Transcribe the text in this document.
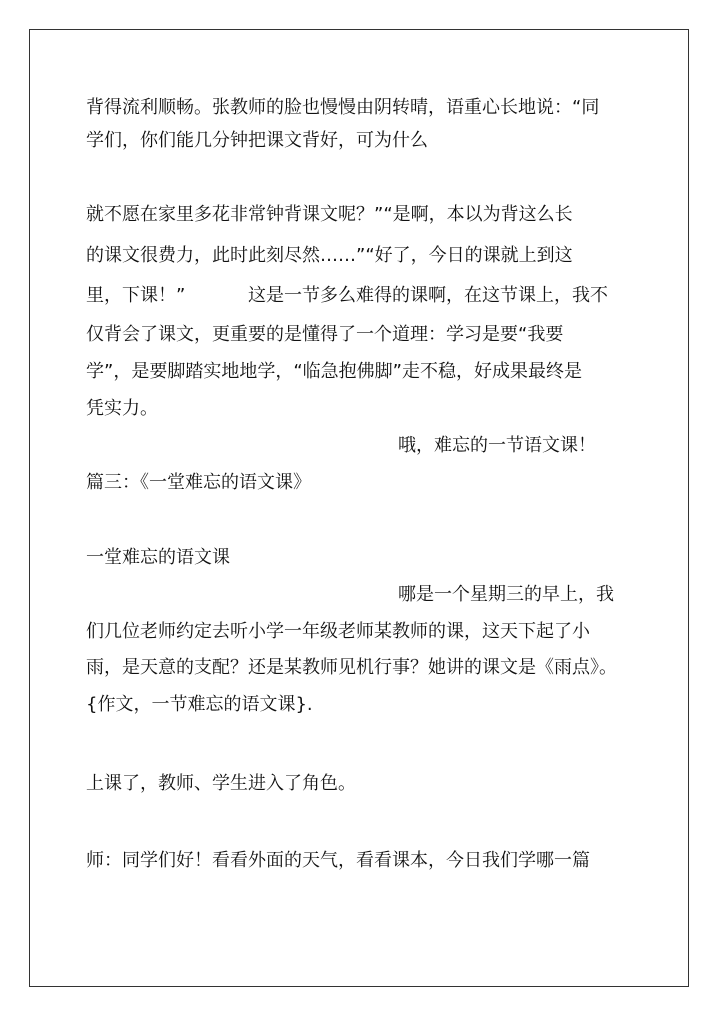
背得流利顺畅。张教师的脸也慢慢由阴转晴，语重心长地说：“同
学们，你们能几分钟把课文背好，可为什么
就不愿在家里多花非常钟背课文呢？”“是啊，本以为背这么长
的课文很费力，此时此刻尽然……”“好了，今日的课就上到这
里，下课！”	这是一节多么难得的课啊，在这节课上，我不
仅背会了课文，更重要的是懂得了一个道理：学习是要“我要
学”，是要脚踏实地地学，“临急抱佛脚”走不稳，好成果最终是
凭实力。
哦，难忘的一节语文课！
篇三：《一堂难忘的语文课》
一堂难忘的语文课
哪是一个星期三的早上，我
们几位老师约定去听小学一年级老师某教师的课，这天下起了小
雨，是天意的支配？还是某教师见机行事？她讲的课文是《雨点》。
{作文，一节难忘的语文课}.
上课了，教师、学生进入了角色。
师：同学们好！看看外面的天气，看看课本，今日我们学哪一篇
